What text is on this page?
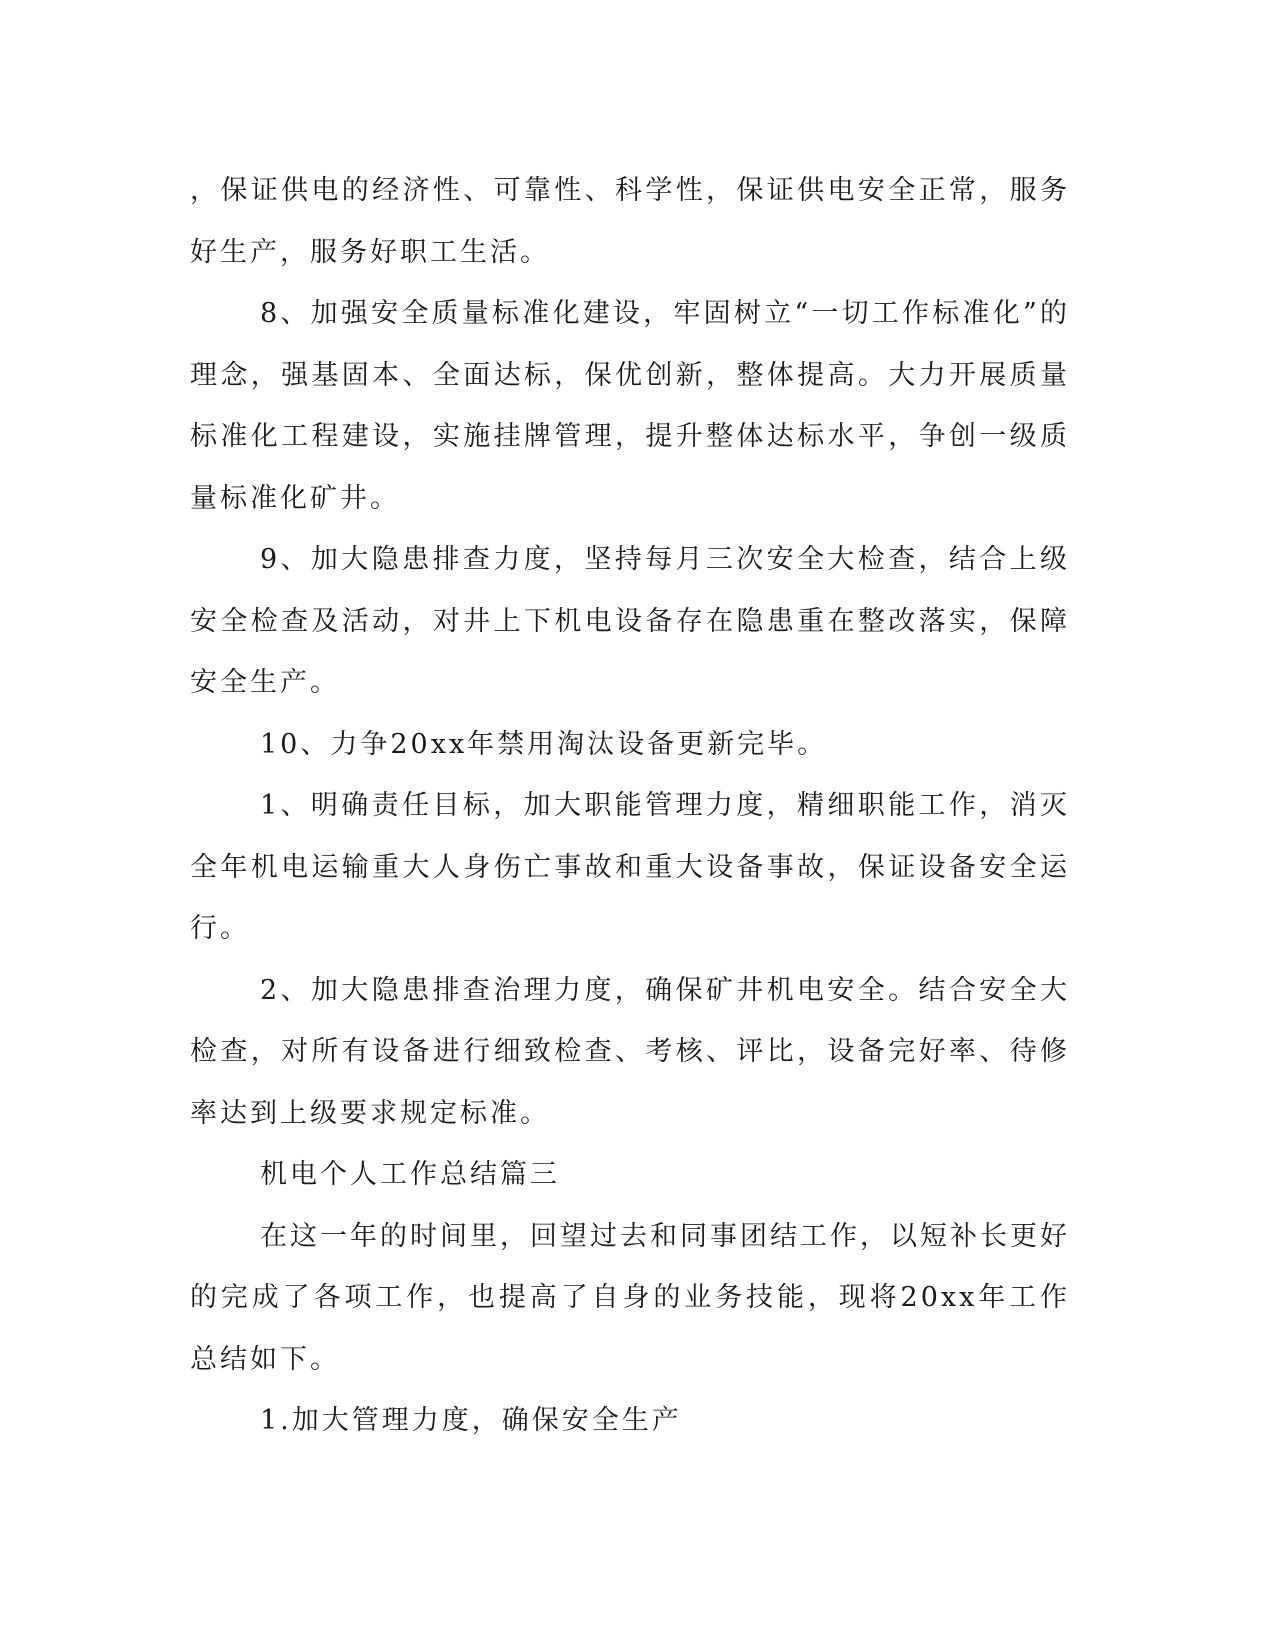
，保证供电的经济性、可靠性、科学性，保证供电安全正常，服务好生产，服务好职工生活。

8、加强安全质量标准化建设，牢固树立“一切工作标准化”的理念，强基固本、全面达标，保优创新，整体提高。大力开展质量标准化工程建设，实施挂牌管理，提升整体达标水平，争创一级质量标准化矿井。

9、加大隐患排查力度，坚持每月三次安全大检查，结合上级安全检查及活动，对井上下机电设备存在隐患重在整改落实，保障安全生产。

10、力争20xx年禁用淘汰设备更新完毕。

1、明确责任目标，加大职能管理力度，精细职能工作，消灭全年机电运输重大人身伤亡事故和重大设备事故，保证设备安全运行。

2、加大隐患排查治理力度，确保矿井机电安全。结合安全大检查，对所有设备进行细致检查、考核、评比，设备完好率、待修率达到上级要求规定标准。

机电个人工作总结篇三

在这一年的时间里，回望过去和同事团结工作，以短补长更好的完成了各项工作，也提高了自身的业务技能，现将20xx年工作总结如下。

1.加大管理力度，确保安全生产
